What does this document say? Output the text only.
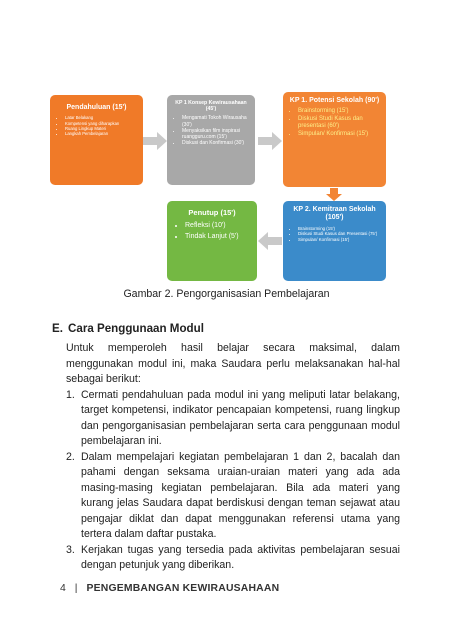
Pendahuluan (15')
• Latar Belakang
• Kompetensi yang diharapkan
• Ruang Lingkup Materi
• Langkah Pembelajaran
KP 1 Konsep Kewirausahaan (45')
• Mengamati Tokoh Wirausaha (30')
• Menyaksikan film inspirasi ruangguru.com (15')
• Diskusi dan Konfirmasi (30')
KP 1. Potensi Sekolah (90')
• Brainstorming (15')
• Diskusi Studi Kasus dan presentasi (60')
• Simpulan/ Konfirmasi (15')
Penutup (15')
• Refleksi (10')
• Tindak Lanjut (5')
KP 2. Kemitraan Sekolah (105')
• Brainstorming (15')
• Diskusi Studi Kasus dan Presentasi (75')
• Simpulan/ Konfirmasi (15')
Gambar 2. Pengorganisasian Pembelajaran
E. Cara Penggunaan Modul

Untuk memperoleh hasil belajar secara maksimal, dalam menggunakan modul ini, maka Saudara perlu melaksanakan hal-hal sebagai berikut:

1. Cermati pendahuluan pada modul ini yang meliputi latar belakang, target kompetensi, indikator pencapaian kompetensi, ruang lingkup dan pengorganisasian pembelajaran serta cara penggunaan modul pembelajaran ini.
2. Dalam mempelajari kegiatan pembelajaran 1 dan 2, bacalah dan pahami dengan seksama uraian-uraian materi yang ada ada masing-masing kegiatan pembelajaran. Bila ada materi yang kurang jelas Saudara dapat berdiskusi dengan teman sejawat atau pengajar diklat dan dapat menggunakan referensi utama yang tertera dalam daftar pustaka.
3. Kerjakan tugas yang tersedia pada aktivitas pembelajaran sesuai dengan petunjuk yang diberikan.
4 | PENGEMBANGAN KEWIRAUSAHAAN
